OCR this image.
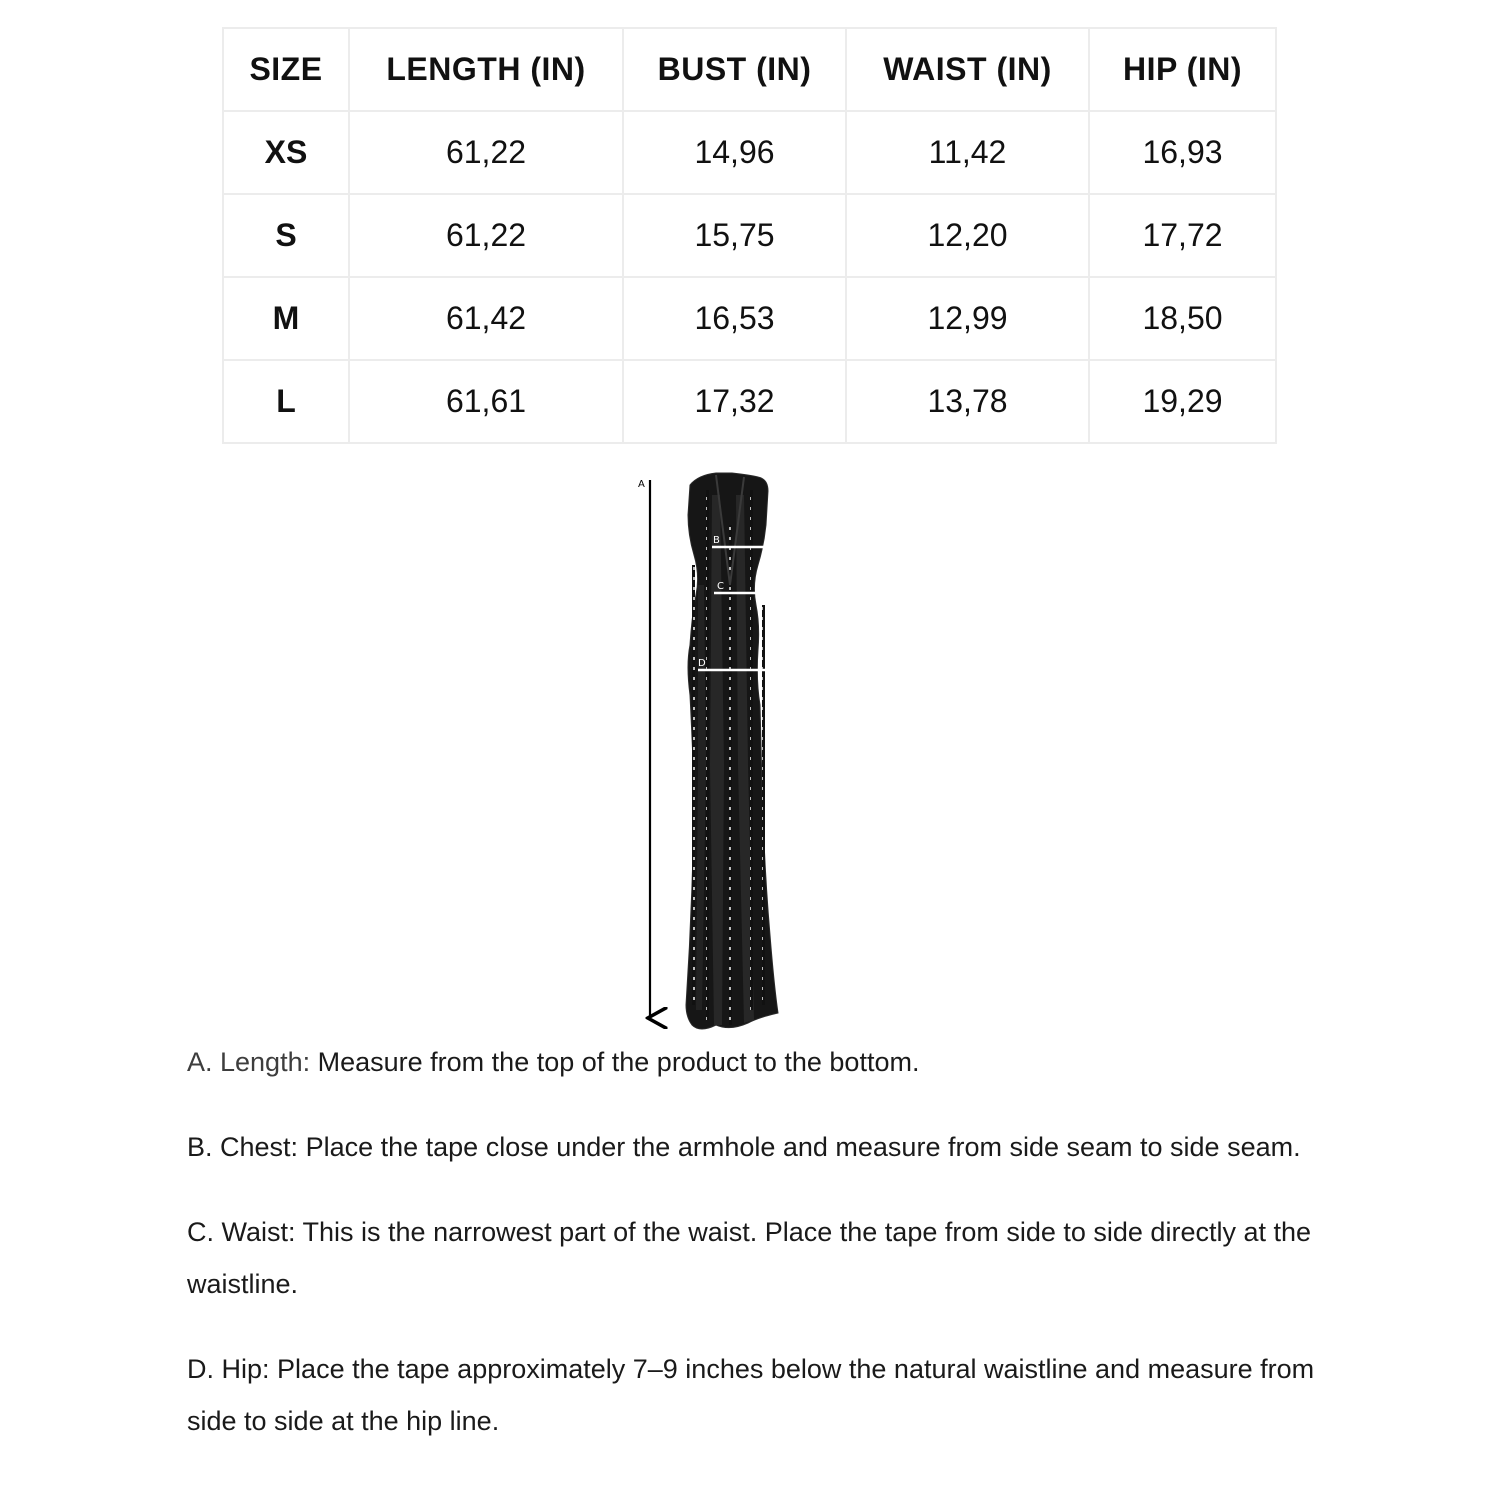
SIZE	LENGTH (IN)	BUST (IN)	WAIST (IN)	HIP (IN)
XS	61,22	14,96	11,42	16,93
S	61,22	15,75	12,20	17,72
M	61,42	16,53	12,99	18,50
L	61,61	17,32	13,78	19,29
A
B
C
D

A. Length: Measure from the top of the product to the bottom.

B. Chest: Place the tape close under the armhole and measure from side seam to side seam.

C. Waist: This is the narrowest part of the waist. Place the tape from side to side directly at the waistline.

D. Hip: Place the tape approximately 7–9 inches below the natural waistline and measure from side to side at the hip line.
